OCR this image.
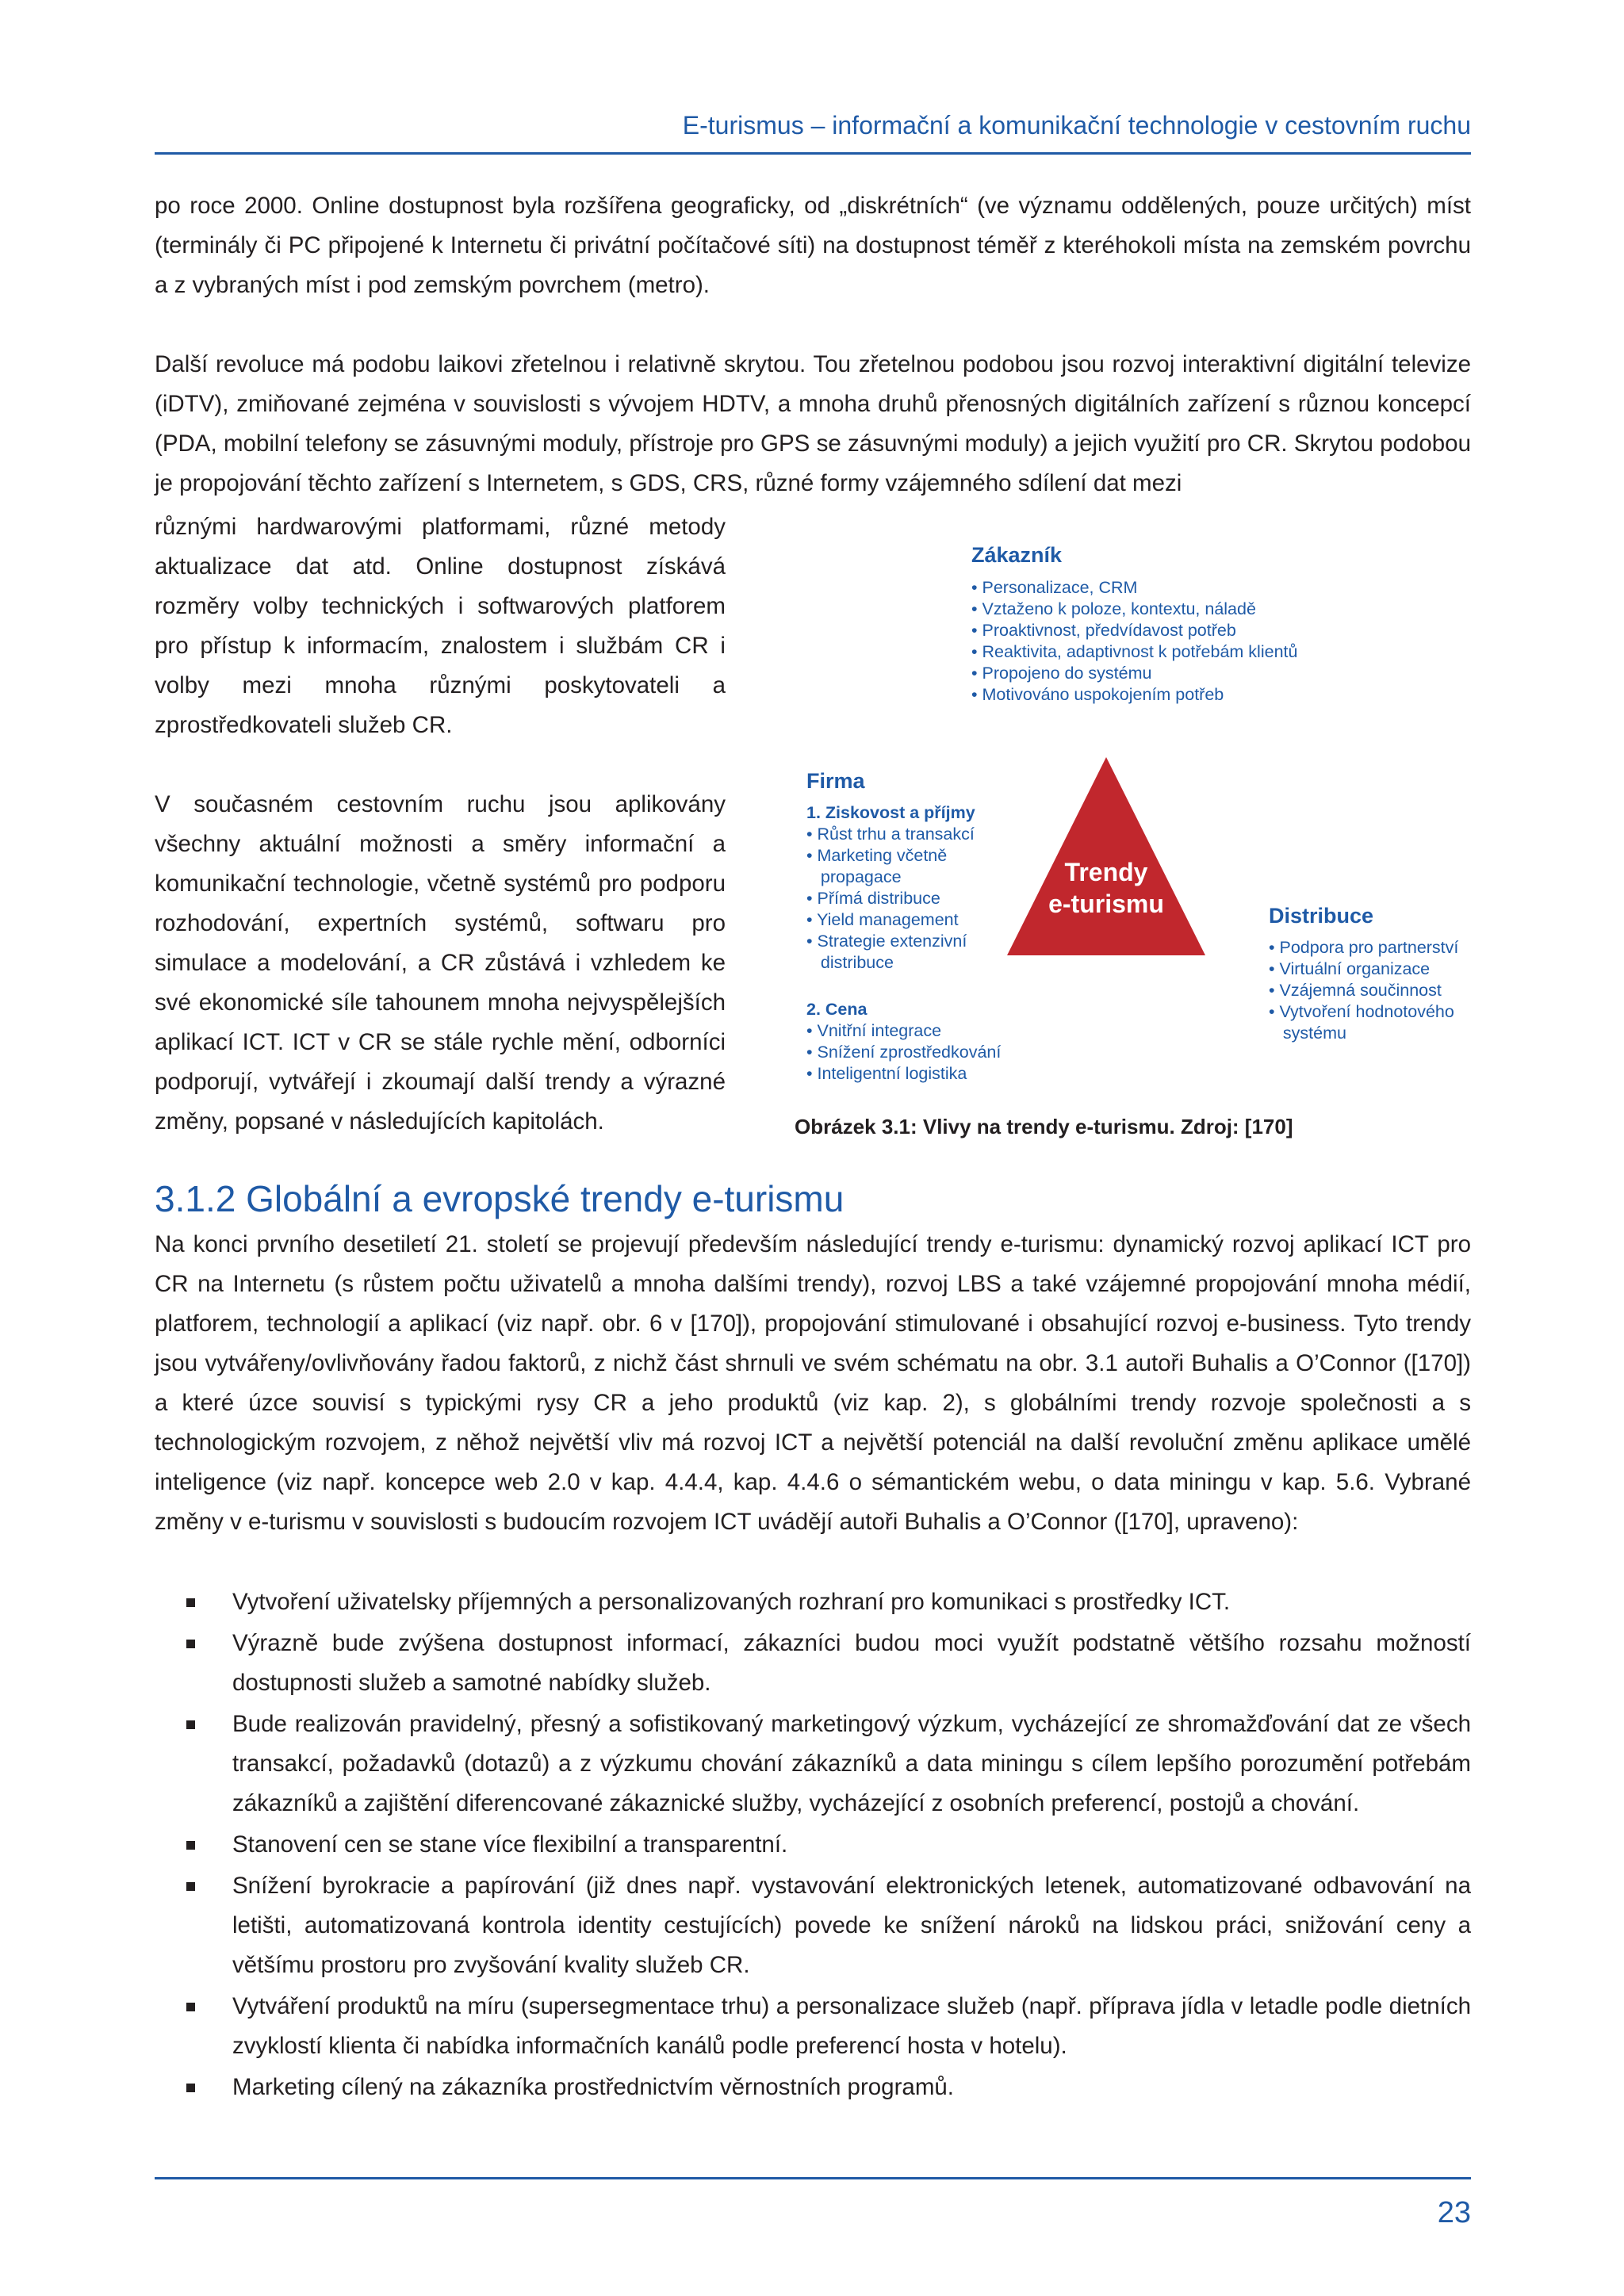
E-turismus – informační a komunikační technologie v cestovním ruchu

po roce 2000. Online dostupnost byla rozšířena geograficky, od „diskrétních“ (ve významu oddělených, pouze určitých) míst (terminály či PC připojené k Internetu či privátní počítačové síti) na dostupnost téměř z kteréhokoli místa na zemském povrchu a z vybraných míst i pod zemským povrchem (metro).

Další revoluce má podobu laikovi zřetelnou i relativně skrytou. Tou zřetelnou podobou jsou rozvoj interaktivní digitální televize (iDTV), zmiňované zejména v souvislosti s vývojem HDTV, a mnoha druhů přenosných digitálních zařízení s různou koncepcí (PDA, mobilní telefony se zásuvnými moduly, přístroje pro GPS se zásuvnými moduly) a jejich využití pro CR. Skrytou podobou je propojování těchto zařízení s Internetem, s GDS, CRS, různé formy vzájemného sdílení dat mezi

různými hardwarovými platformami, různé metody aktualizace dat atd. Online dostupnost získává rozměry volby technických i softwarových platforem pro přístup k informacím, znalostem i službám CR i volby mezi mnoha různými poskytovateli a zprostředkovateli služeb CR.

V současném cestovním ruchu jsou aplikovány všechny aktuální možnosti a směry informační a komunikační technologie, včetně systémů pro podporu rozhodování, expertních systémů, softwaru pro simulace a modelování, a CR zůstává i vzhledem ke své ekonomické síle tahounem mnoha nejvyspělejších aplikací ICT. ICT v CR se stále rychle mění, odborníci podporují, vytvářejí i zkoumají další trendy a výrazné změny, popsané v následujících kapitolách.

Zákazník

• Personalizace, CRM
• Vztaženo k poloze, kontextu, náladě
• Proaktivnost, předvídavost potřeb
• Reaktivita, adaptivnost k potřebám klientů
• Propojeno do systému
• Motivováno uspokojením potřeb

Firma

1. Ziskovost a příjmy
• Růst trhu a transakcí
• Marketing včetně
propagace
• Přímá distribuce
• Yield management
• Strategie extenzivní
distribuce
2. Cena
• Vnitřní integrace
• Snížení zprostředkování
• Inteligentní logistika
Trendy
e-turismu	Distribuce

• Podpora pro partnerství
• Virtuální organizace
• Vzájemná součinnost
• Vytvoření hodnotového
systému

Obrázek 3.1: Vlivy na trendy e-turismu. Zdroj: [170]

3.1.2 Globální a evropské trendy e-turismu

Na konci prvního desetiletí 21. století se projevují především následující trendy e-turismu: dynamický rozvoj aplikací ICT pro CR na Internetu (s růstem počtu uživatelů a mnoha dalšími trendy), rozvoj LBS a také vzájemné propojování mnoha médií, platforem, technologií a aplikací (viz např. obr. 6 v [170]), propojování stimulované i obsahující rozvoj e-business. Tyto trendy jsou vytvářeny/ovlivňovány řadou faktorů, z nichž část shrnuli ve svém schématu na obr. 3.1 autoři Buhalis a O’Connor ([170]) a které úzce souvisí s typickými rysy CR a jeho produktů (viz kap. 2), s globálními trendy rozvoje společnosti a s technologickým rozvojem, z něhož největší vliv má rozvoj ICT a největší potenciál na další revoluční změnu aplikace umělé inteligence (viz např. koncepce web 2.0 v kap. 4.4.4, kap. 4.4.6 o sémantickém webu, o data miningu v kap. 5.6. Vybrané změny v e-turismu v souvislosti s budoucím rozvojem ICT uvádějí autoři Buhalis a O’Connor ([170], upraveno):

Vytvoření uživatelsky příjemných a personalizovaných rozhraní pro komunikaci s prostředky ICT.
Výrazně bude zvýšena dostupnost informací, zákazníci budou moci využít podstatně většího rozsahu možností dostupnosti služeb a samotné nabídky služeb.
Bude realizován pravidelný, přesný a sofistikovaný marketingový výzkum, vycházející ze shromažďování dat ze všech transakcí, požadavků (dotazů) a z výzkumu chování zákazníků a data miningu s cílem lepšího porozumění potřebám zákazníků a zajištění diferencované zákaznické služby, vycházející z osobních preferencí, postojů a chování.
Stanovení cen se stane více flexibilní a transparentní.
Snížení byrokracie a papírování (již dnes např. vystavování elektronických letenek, automatizované odbavování na letišti, automatizovaná kontrola identity cestujících) povede ke snížení nároků na lidskou práci, snižování ceny a většímu prostoru pro zvyšování kvality služeb CR.
Vytváření produktů na míru (supersegmentace trhu) a personalizace služeb (např. příprava jídla v letadle podle dietních zvyklostí klienta či nabídka informačních kanálů podle preferencí hosta v hotelu).
Marketing cílený na zákazníka prostřednictvím věrnostních programů.
23
